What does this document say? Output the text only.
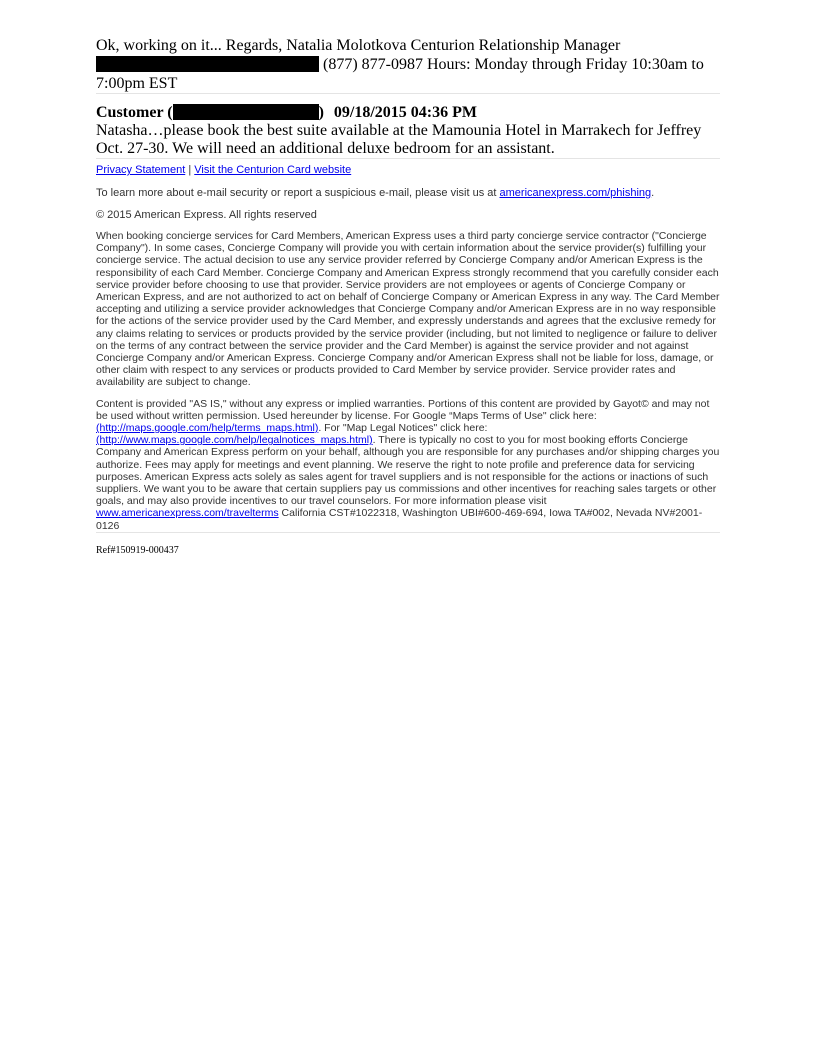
Ok, working on it... Regards, Natalia Molotkova Centurion Relationship Manager
(877) 877-0987 Hours: Monday through Friday 10:30am to 7:00pm EST
Customer (	) 09/18/2015 04:36 PM
Natasha…please book the best suite available at the Mamounia Hotel in Marrakech for Jeffrey Oct. 27-30. We will need an additional deluxe bedroom for an assistant.
Privacy Statement | Visit the Centurion Card website

To learn more about e-mail security or report a suspicious e-mail, please visit us at americanexpress.com/phishing.

© 2015 American Express. All rights reserved

When booking concierge services for Card Members, American Express uses a third party concierge service contractor ("Concierge Company"). In some cases, Concierge Company will provide you with certain information about the service provider(s) fulfilling your concierge service. The actual decision to use any service provider referred by Concierge Company and/or American Express is the responsibility of each Card Member. Concierge Company and American Express strongly recommend that you carefully consider each service provider before choosing to use that provider. Service providers are not employees or agents of Concierge Company or American Express, and are not authorized to act on behalf of Concierge Company or American Express in any way. The Card Member accepting and utilizing a service provider acknowledges that Concierge Company and/or American Express are in no way responsible for the actions of the service provider used by the Card Member, and expressly understands and agrees that the exclusive remedy for any claims relating to services or products provided by the service provider (including, but not limited to negligence or failure to deliver on the terms of any contract between the service provider and the Card Member) is against the service provider and not against Concierge Company and/or American Express. Concierge Company and/or American Express shall not be liable for loss, damage, or other claim with respect to any services or products provided to Card Member by service provider. Service provider rates and availability are subject to change.

Content is provided "AS IS," without any express or implied warranties. Portions of this content are provided by Gayot© and may not be used without written permission. Used hereunder by license. For Google “Maps Terms of Use" click here: (http://maps.google.com/help/terms_maps.html). For "Map Legal Notices" click here: (http://www.maps.google.com/help/legalnotices_maps.html). There is typically no cost to you for most booking efforts Concierge Company and American Express perform on your behalf, although you are responsible for any purchases and/or shipping charges you authorize. Fees may apply for meetings and event planning. We reserve the right to note profile and preference data for servicing purposes. American Express acts solely as sales agent for travel suppliers and is not responsible for the actions or inactions of such suppliers. We want you to be aware that certain suppliers pay us commissions and other incentives for reaching sales targets or other goals, and may also provide incentives to our travel counselors. For more information please visit www.americanexpress.com/travelterms California CST#1022318, Washington UBI#600-469-694, Iowa TA#002, Nevada NV#2001-0126

Ref#150919-000437
